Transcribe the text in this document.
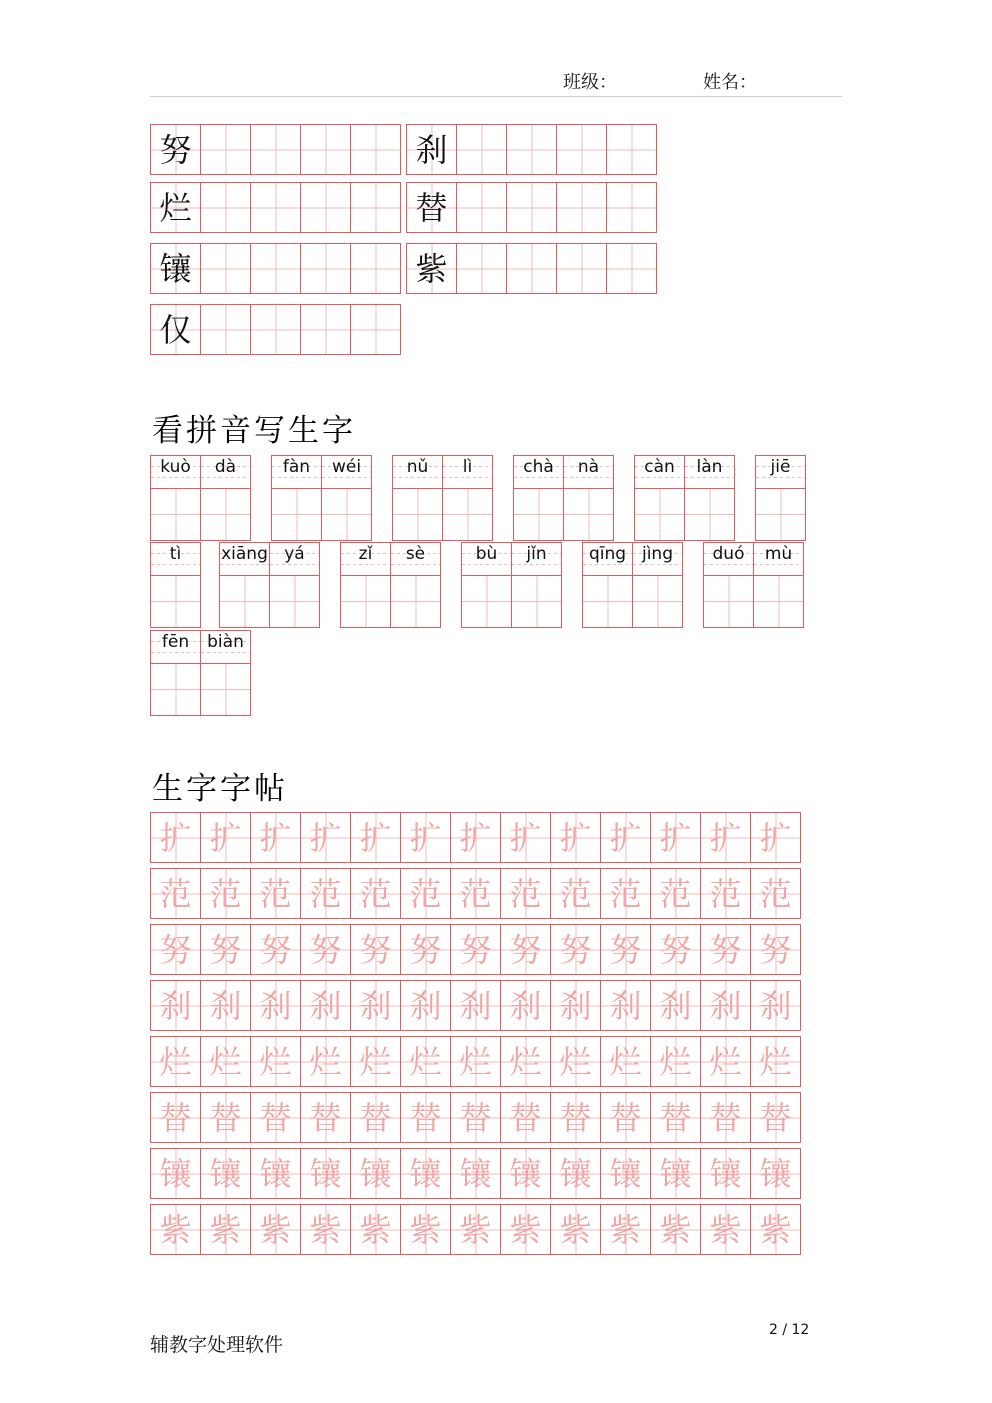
班级：	姓名：
努	刹
烂	替
镶	紫
仅
看拼音写生字
kuò	dà	fàn	wéi	nǔ	lì	chà	nà	càn	làn	jiē
tì	xiāng yá	zǐ	sè	bù	jǐn	qīng jìng	duó	mù
fēn	biàn
生字字帖
扩 扩 扩 扩 扩 扩 扩 扩 扩 扩 扩 扩 扩
范 范 范 范 范 范 范 范 范 范 范 范 范
努 努 努 努 努 努 努 努 努 努 努 努 努
刹 刹 刹 刹 刹 刹 刹 刹 刹 刹 刹 刹 刹
烂 烂 烂 烂 烂 烂 烂 烂 烂 烂 烂 烂 烂
替 替 替 替 替 替 替 替 替 替 替 替 替
镶 镶 镶 镶 镶 镶 镶 镶 镶 镶 镶 镶 镶
紫 紫 紫 紫 紫 紫 紫 紫 紫 紫 紫 紫 紫
辅教字处理软件
2 / 12
